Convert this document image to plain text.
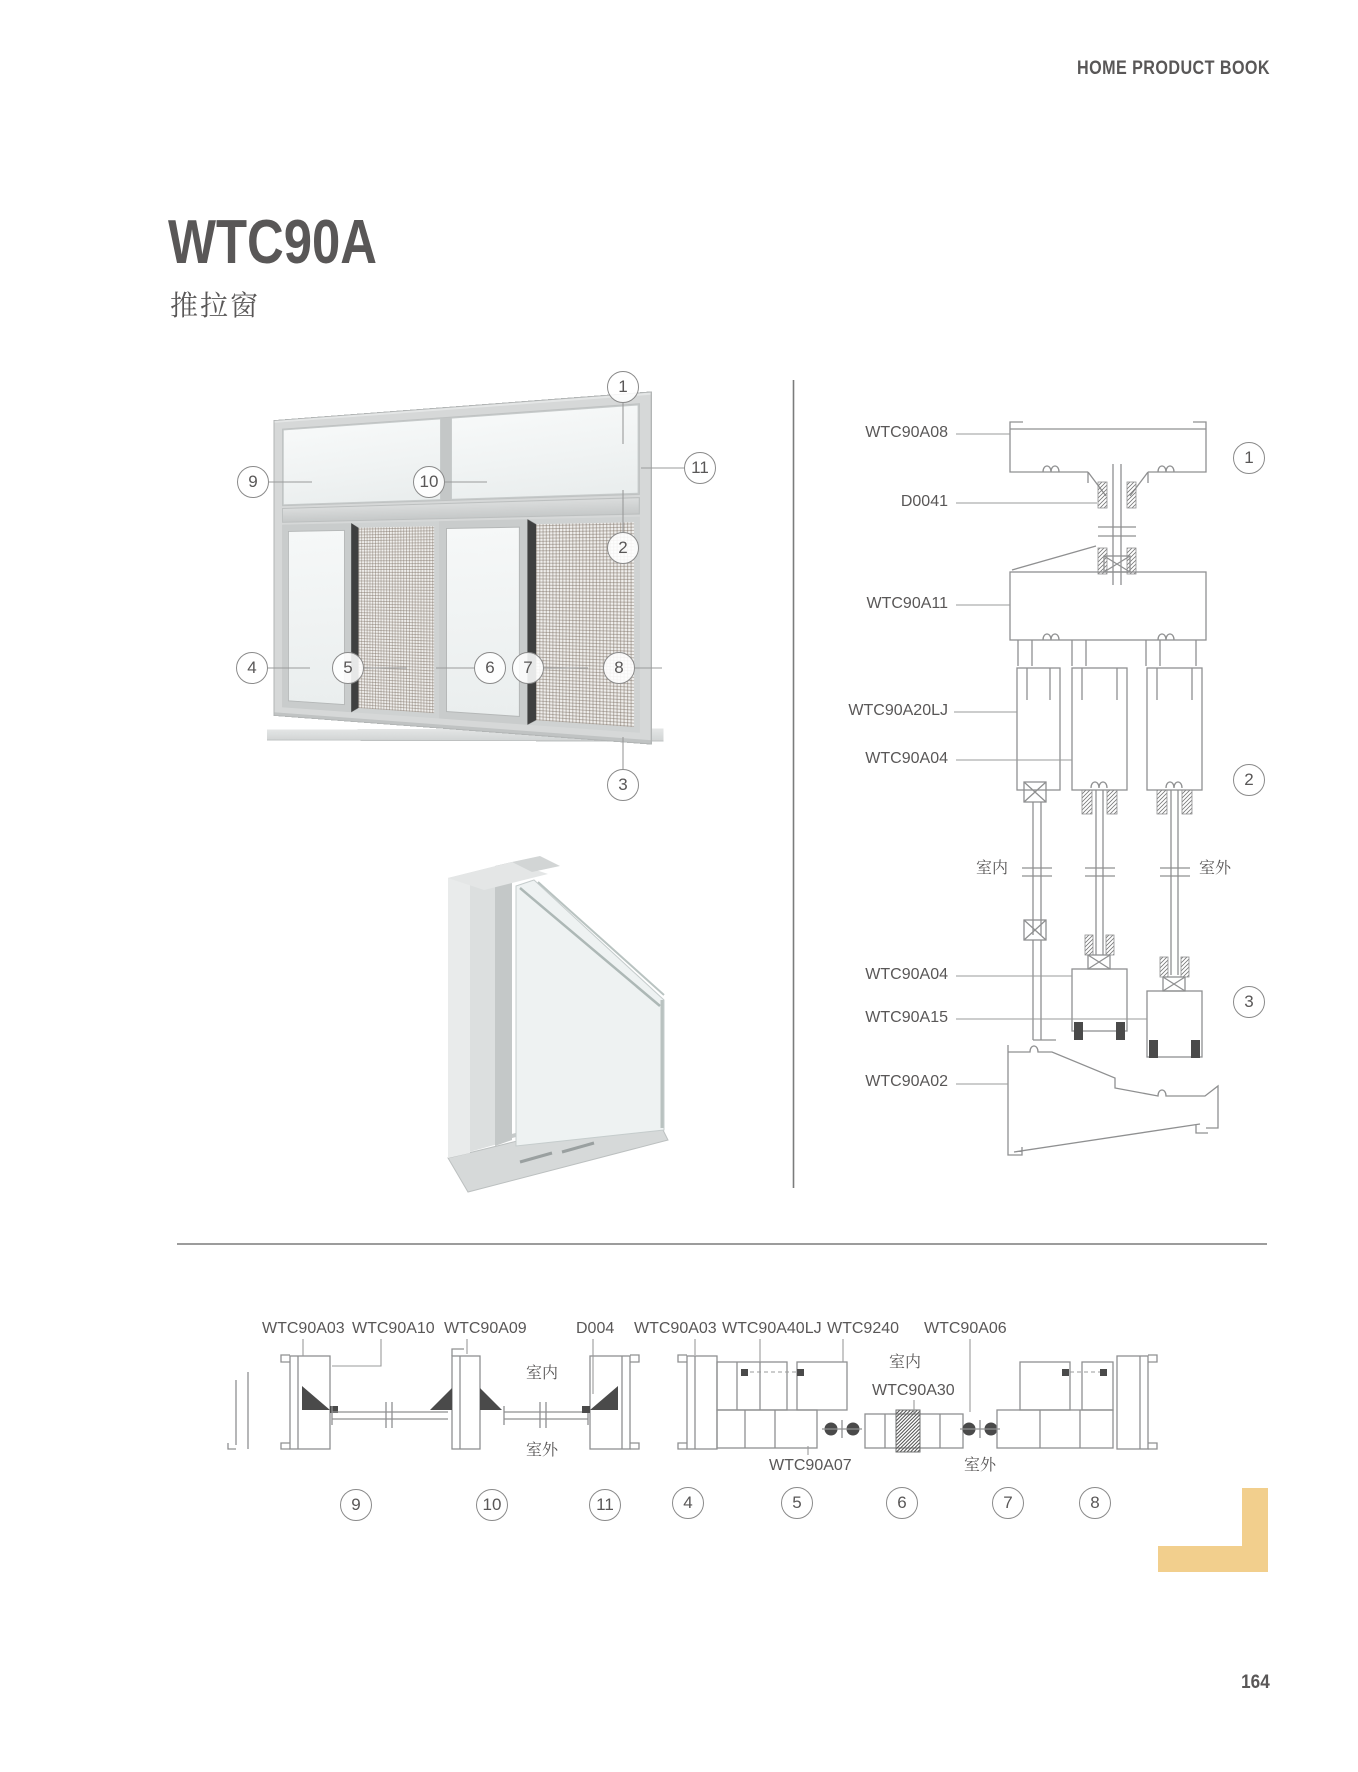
HOME PRODUCT BOOK
WTC90A
推拉窗
164
WTC90A08
D0041
WTC90A11
WTC90A20LJ
WTC90A04
WTC90A04
WTC90A15
WTC90A02
室内	室外
WTC90A03 WTC90A10 WTC90A09	D004
室内
室外
WTC90A03 WTC90A40LJ WTC9240 WTC90A06
室内
WTC90A30
WTC90A07	室外
1
9	10
11
2
4	5	6	7	8
3
1
2
3
9	10	11	4	5	6	7	8
